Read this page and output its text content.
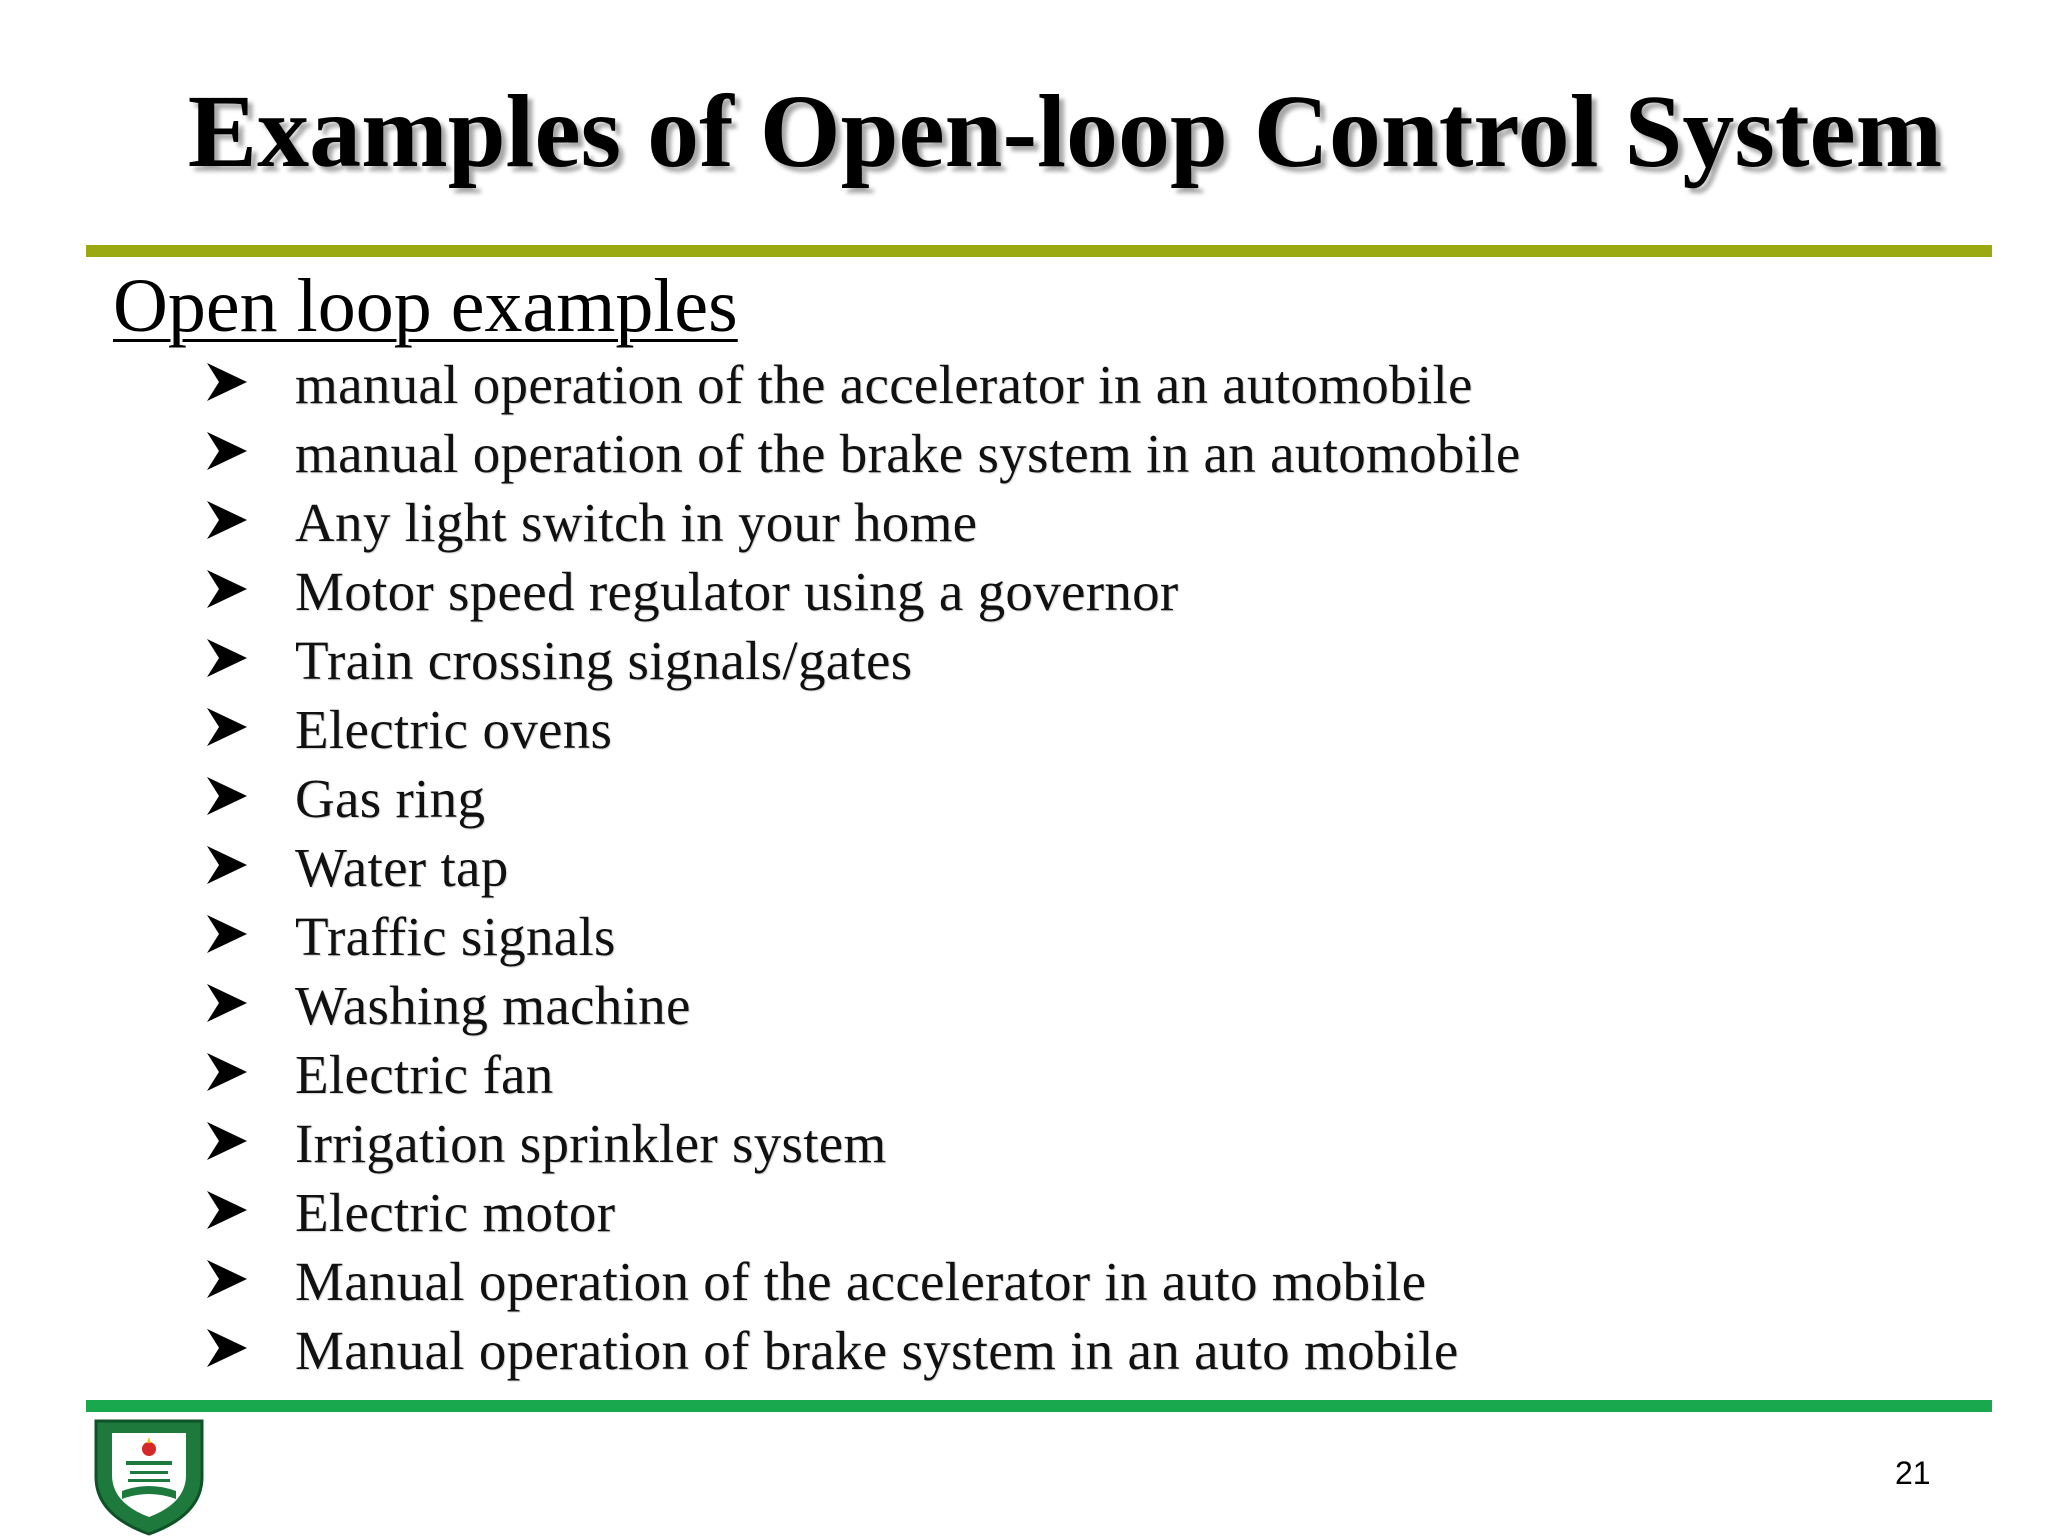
Examples of Open-loop Control System
Open loop examples
manual operation of the accelerator in an automobile
manual operation of the brake system in an automobile
Any light switch in your home
Motor speed regulator using a governor
Train crossing signals/gates
Electric ovens
Gas ring
Water tap
Traffic signals
Washing machine
Electric fan
Irrigation sprinkler system
Electric motor
Manual operation of the accelerator in auto mobile
Manual operation of brake system in an auto mobile
21
